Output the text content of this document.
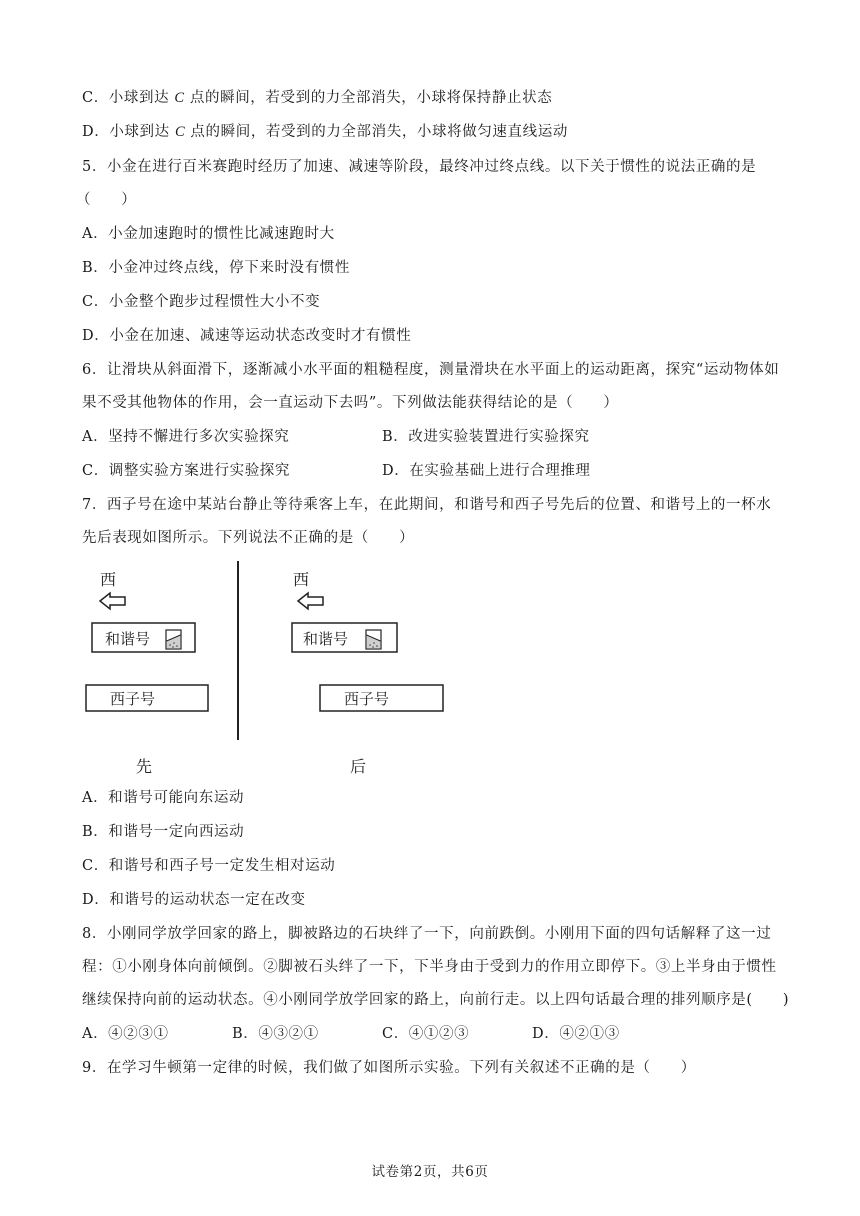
C．小球到达 C 点的瞬间，若受到的力全部消失，小球将保持静止状态
D．小球到达 C 点的瞬间，若受到的力全部消失，小球将做匀速直线运动
5．小金在进行百米赛跑时经历了加速、减速等阶段，最终冲过终点线。以下关于惯性的说法正确的是
（　　）
A．小金加速跑时的惯性比减速跑时大
B．小金冲过终点线，停下来时没有惯性
C．小金整个跑步过程惯性大小不变
D．小金在加速、减速等运动状态改变时才有惯性
6．让滑块从斜面滑下，逐渐减小水平面的粗糙程度，测量滑块在水平面上的运动距离，探究“运动物体如
果不受其他物体的作用，会一直运动下去吗”。下列做法能获得结论的是（　　）
A．坚持不懈进行多次实验探究	B．改进实验装置进行实验探究
C．调整实验方案进行实验探究	D．在实验基础上进行合理推理
7．西子号在途中某站台静止等待乘客上车，在此期间，和谐号和西子号先后的位置、和谐号上的一杯水
先后表现如图所示。下列说法不正确的是（　　）
西
和谐号
西子号
先
西
和谐号
西子号
后
A．和谐号可能向东运动
B．和谐号一定向西运动
C．和谐号和西子号一定发生相对运动
D．和谐号的运动状态一定在改变
8．小刚同学放学回家的路上，脚被路边的石块绊了一下，向前跌倒。小刚用下面的四句话解释了这一过
程：①小刚身体向前倾倒。②脚被石头绊了一下，下半身由于受到力的作用立即停下。③上半身由于惯性
继续保持向前的运动状态。④小刚同学放学回家的路上，向前行走。以上四句话最合理的排列顺序是(　　)
A．④②③①	B．④③②①	C．④①②③	D．④②①③
9．在学习牛顿第一定律的时候，我们做了如图所示实验。下列有关叙述不正确的是（　　）
试卷第2页，共6页
